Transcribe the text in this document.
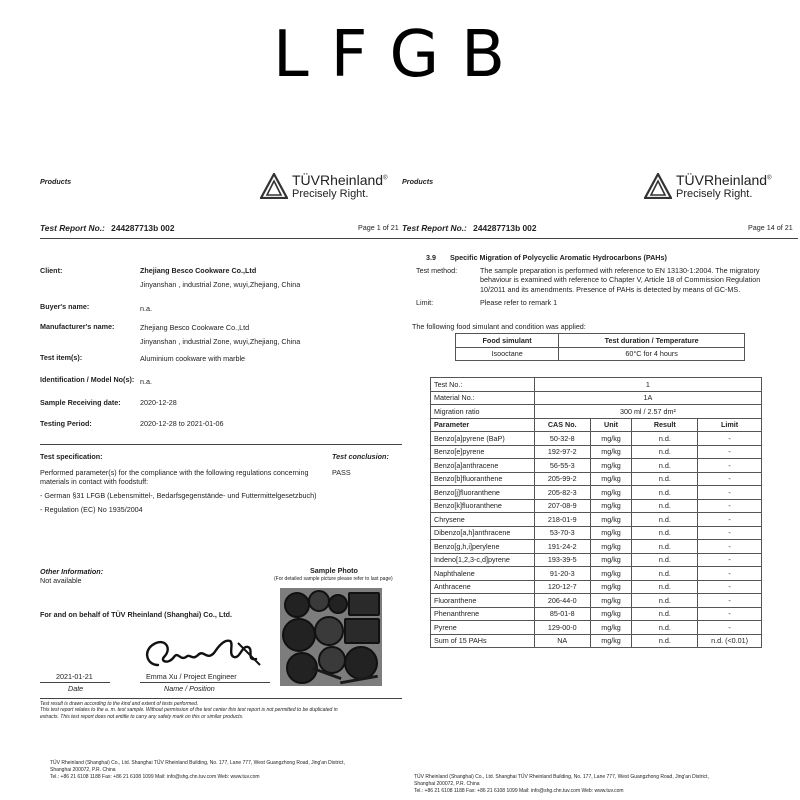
LFGB
Products	TÜVRheinland®
Precisely Right.
Test Report No.: 244287713b 002	Page 1 of 21
Client:	Zhejiang Besco Cookware Co.,Ltd
Jinyanshan , industrial Zone, wuyi,Zhejiang, China
Buyer's name:	n.a.
Manufacturer's name:	Zhejiang Besco Cookware Co.,Ltd
Jinyanshan , industrial Zone, wuyi,Zhejiang, China
Test item(s):	Aluminium cookware with marble
Identification / Model No(s): n.a.
Sample Receiving date:	2020-12-28
Testing Period:	2020-12-28 to 2021-01-06
Test specification:	Test conclusion:
Performed parameter(s) for the compliance with the following regulations concerning
materials in contact with foodstuff:
PASS
- German §31 LFGB (Lebensmittel-, Bedarfsgegenstände- und Futtermittelgesetzbuch)
- Regulation (EC) No 1935/2004
Other Information:
Not available
Sample Photo
(For detailed sample picture please refer to last page)
For and on behalf of TÜV Rheinland (Shanghai) Co., Ltd.
2021-01-21	Emma Xu / Project Engineer
Date	Name / Position
Test result is drawn according to the kind and extent of tests performed.
This test report relates to the a. m. test sample. Without permission of the test center this test report is not permitted to be duplicated in
extracts. This test report does not entitle to carry any safety mark on this or similar products.
TÜV Rheinland (Shanghai) Co., Ltd. Shanghai TÜV Rheinland Building, No. 177, Lane 777, West Guangzhong Road, Jing'an District,
Shanghai 200072, P.R. China
Tel.: +86 21 6108 1188 Fax: +86 21 6108 1099 Mail: info@shg.chn.tuv.com Web: www.tuv.com
Products	TÜVRheinland®
Precisely Right.
Test Report No.: 244287713b 002	Page 14 of 21
3.9 Specific Migration of Polycyclic Aromatic Hydrocarbons (PAHs)
Test method:	The sample preparation is performed with reference to EN 13130-1:2004. The migratory
behaviour is examined with reference to Chapter V, Article 18 of Commission Regulation
10/2011 and its amendments. Presence of PAHs is detected by means of GC-MS.
Limit:	Please refer to remark 1
The following food simulant and condition was applied:
Food simulant	Test duration / Temperature
Isooctane	60°C for 4 hours
Test No.:	1			
Material No.:	1A			
Migration ratio	300 ml / 2.57 dm²			
Parameter	CAS No.	Unit	Result	Limit
Benzo[a]pyrene (BaP)	50-32-8	mg/kg	n.d.	-
Benzo[e]pyrene	192-97-2	mg/kg	n.d.	-
Benzo[a]anthracene	56-55-3	mg/kg	n.d.	-
Benzo[b]fluoranthene	205-99-2	mg/kg	n.d.	-
Benzo[j]fluoranthene	205-82-3	mg/kg	n.d.	-
Benzo[k]fluoranthene	207-08-9	mg/kg	n.d.	-
Chrysene	218-01-9	mg/kg	n.d.	-
Dibenzo[a,h]anthracene	53-70-3	mg/kg	n.d.	-
Benzo[g,h,i]perylene	191-24-2	mg/kg	n.d.	-
Indeno[1,2,3-c,d]pyrene	193-39-5	mg/kg	n.d.	-
Naphthalene	91-20-3	mg/kg	n.d.	-
Anthracene	120-12-7	mg/kg	n.d.	-
Fluoranthene	206-44-0	mg/kg	n.d.	-
Phenanthrene	85-01-8	mg/kg	n.d.	-
Pyrene	129-00-0	mg/kg	n.d.	-
Sum of 15 PAHs	NA	mg/kg	n.d.	n.d. (<0.01)
TÜV Rheinland (Shanghai) Co., Ltd. Shanghai TÜV Rheinland Building, No. 177, Lane 777, West Guangzhong Road, Jing'an District,
Shanghai 200072, P.R. China
Tel.: +86 21 6108 1188 Fax: +86 21 6108 1099 Mail: info@shg.chn.tuv.com Web: www.tuv.com
